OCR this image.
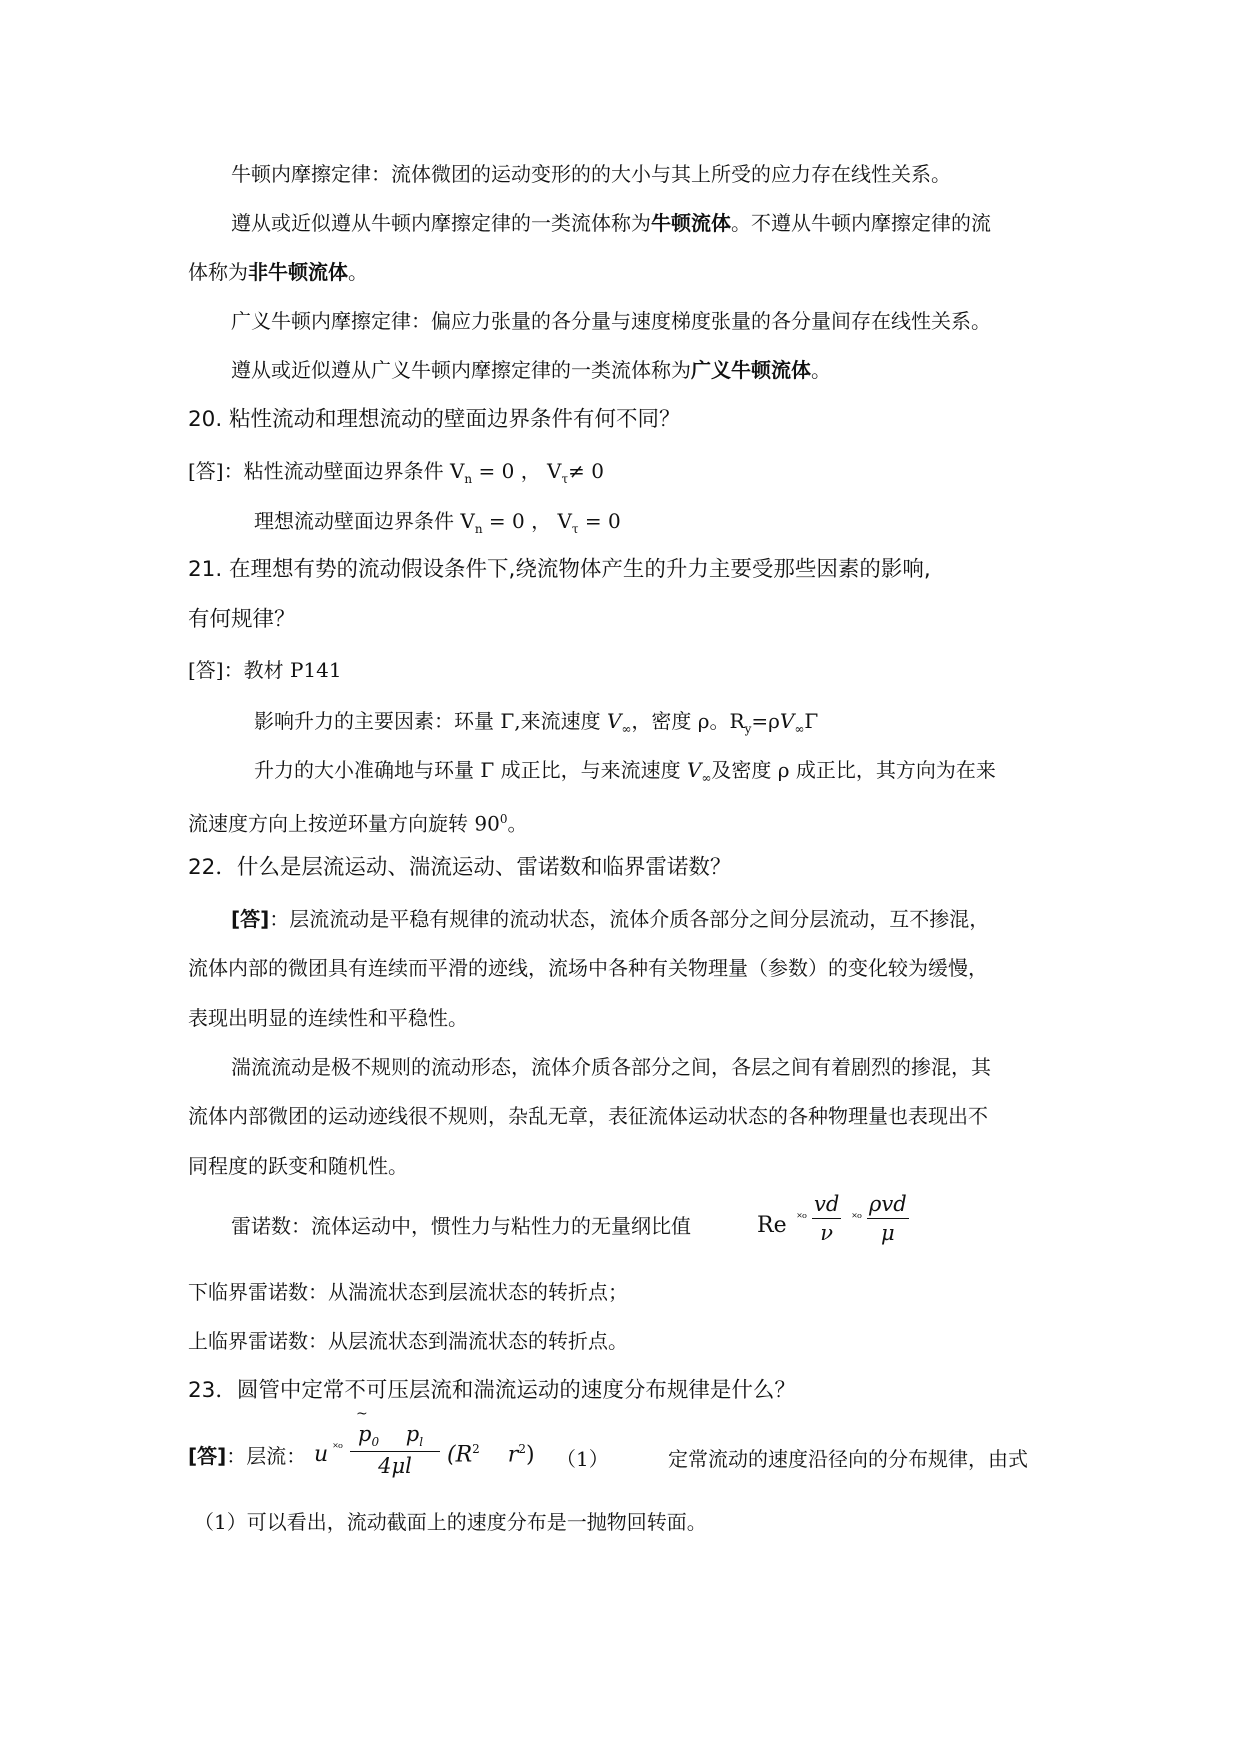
牛顿内摩擦定律：流体微团的运动变形的的大小与其上所受的应力存在线性关系。
遵从或近似遵从牛顿内摩擦定律的一类流体称为牛顿流体。不遵从牛顿内摩擦定律的流
体称为非牛顿流体。
广义牛顿内摩擦定律：偏应力张量的各分量与速度梯度张量的各分量间存在线性关系。
遵从或近似遵从广义牛顿内摩擦定律的一类流体称为广义牛顿流体。
20. 粘性流动和理想流动的壁面边界条件有何不同？
[答]：粘性流动壁面边界条件 $V_n = 0$ ， $V_\tau\ne 0$
理想流动壁面边界条件 $V_n = 0$ ， $V_\tau = 0$
21. 在理想有势的流动假设条件下,绕流物体产生的升力主要受那些因素的影响,
有何规律？
[答]：教材 P141
影响升力的主要因素：环量 Γ,来流速度 $V_\infty$，密度 ρ。$R_y=\rho V_\infty\Gamma$
升力的大小准确地与环量 Γ 成正比，与来流速度 $V_\infty$及密度 ρ 成正比，其方向为在来
流速度方向上按逆环量方向旋转 $90^0$。
22．什么是层流运动、湍流运动、雷诺数和临界雷诺数？
[答]：层流流动是平稳有规律的流动状态，流体介质各部分之间分层流动，互不掺混，
流体内部的微团具有连续而平滑的迹线，流场中各种有关物理量（参数）的变化较为缓慢，
表现出明显的连续性和平稳性。
湍流流动是极不规则的流动形态，流体介质各部分之间，各层之间有着剧烈的掺混，其
流体内部微团的运动迹线很不规则，杂乱无章，表征流体运动状态的各种物理量也表现出不
同程度的跃变和随机性。
雷诺数：流体运动中，惯性力与粘性力的无量纲比值	Re ˟ᵒ $\frac{vd}{\nu}$ ˟ᵒ
ρvd
μ
下临界雷诺数：从湍流状态到层流状态的转折点；
上临界雷诺数：从层流状态到湍流状态的转折点。
23．圆管中定常不可压层流和湍流运动的速度分布规律是什么？
[答]：层流： u ˟ᵒ
~
$\frac{p_0 p_l}{4\mu l} (R^2$ $r^2$) （1）	定常流动的速度沿径向的分布规律，由式
（1）可以看出，流动截面上的速度分布是一抛物回转面。
